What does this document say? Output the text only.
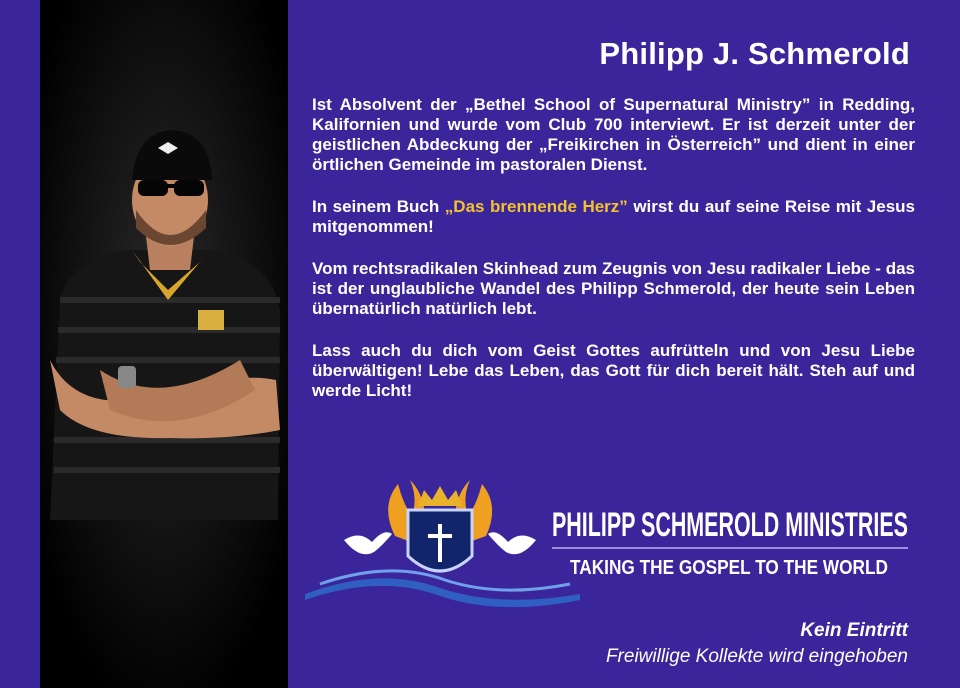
Philipp J. Schmerold

Ist Absolvent der „Bethel School of Supernatural Ministry” in Redding, Kalifornien und wurde vom Club 700 interviewt. Er ist derzeit unter der geistlichen Abdeckung der „Freikirchen in Österreich” und dient in einer örtlichen Gemeinde im pastoralen Dienst.

In seinem Buch „Das brennende Herz” wirst du auf seine Reise mit Jesus mitgenommen!

Vom rechtsradikalen Skinhead zum Zeugnis von Jesu radikaler Liebe - das ist der unglaubliche Wandel des Philipp Schmerold, der heute sein Leben übernatürlich natürlich lebt.

Lass auch du dich vom Geist Gottes aufrütteln und von Jesu Liebe überwältigen! Lebe das Leben, das Gott für dich bereit hält. Steh auf und werde Licht!

PHILIPP SCHMEROLD MINISTRIES
TAKING THE GOSPEL TO THE WORLD
Kein Eintritt
Freiwillige Kollekte wird eingehoben
